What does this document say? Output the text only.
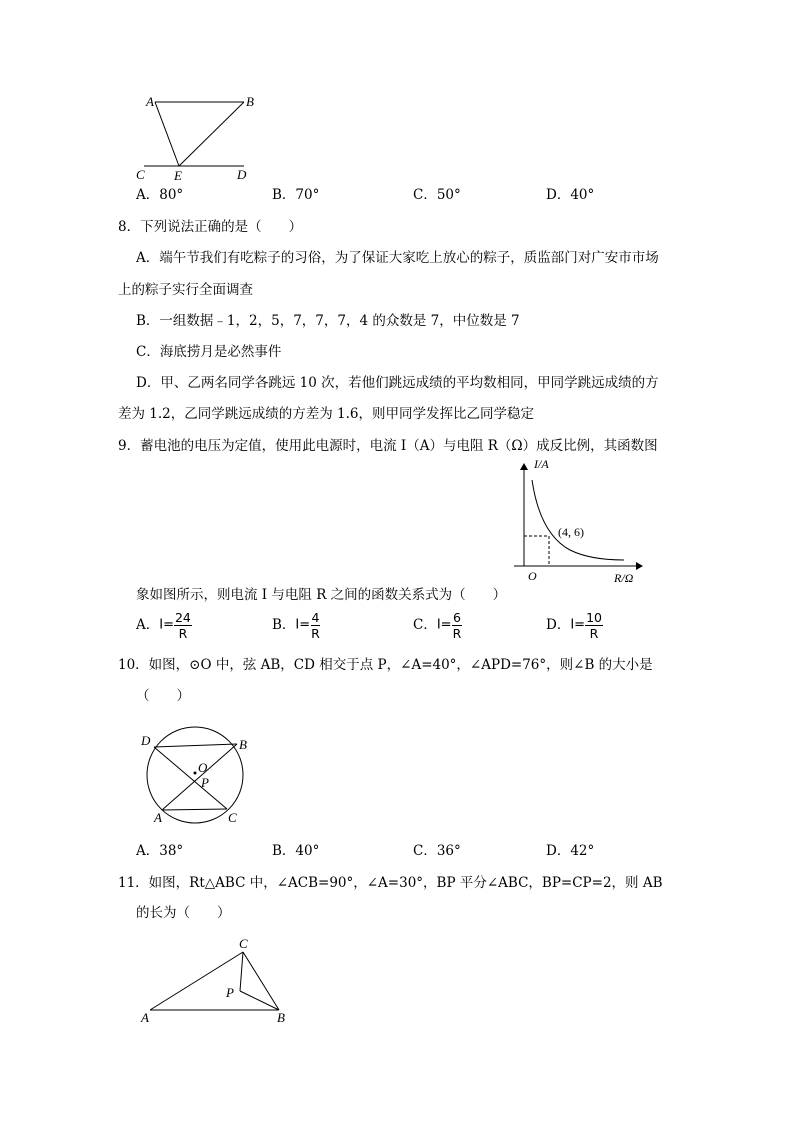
A	B
C E	D
A．80°	B．70°	C．50°	D．40°
8．下列说法正确的是（　　）
A．端午节我们有吃粽子的习俗，为了保证大家吃上放心的粽子，质监部门对广安市市场
上的粽子实行全面调查
B．一组数据﹣1，2，5，7，7，7，4 的众数是 7，中位数是 7
C．海底捞月是必然事件
D．甲、乙两名同学各跳远 10 次，若他们跳远成绩的平均数相同，甲同学跳远成绩的方
差为 1.2，乙同学跳远成绩的方差为 1.6，则甲同学发挥比乙同学稳定
9．蓄电池的电压为定值，使用此电源时，电流 I（A）与电阻 R（Ω）成反比例，其函数图
I/A
R/Ω
O
(4, 6)
象如图所示，则电流 I 与电阻 R 之间的函数关系式为（　　）
A．$I= \frac{24}{R}$	B．$I= \frac{4}{R}$	C．$I= \frac{6}{R}$	D．$I= \frac{10}{R}$
10．如图，⊙O 中，弦 AB，CD 相交于点 P，∠A=40°，∠APD=76°，则∠B 的大小是
（　　）
D	B
O
P
A	C
A．38°	B．40°	C．36°	D．42°
11．如图，Rt△ABC 中，∠ACB=90°，∠A=30°，BP 平分∠ABC，BP=CP=2，则 AB
的长为（　　）
C
P
A	B
